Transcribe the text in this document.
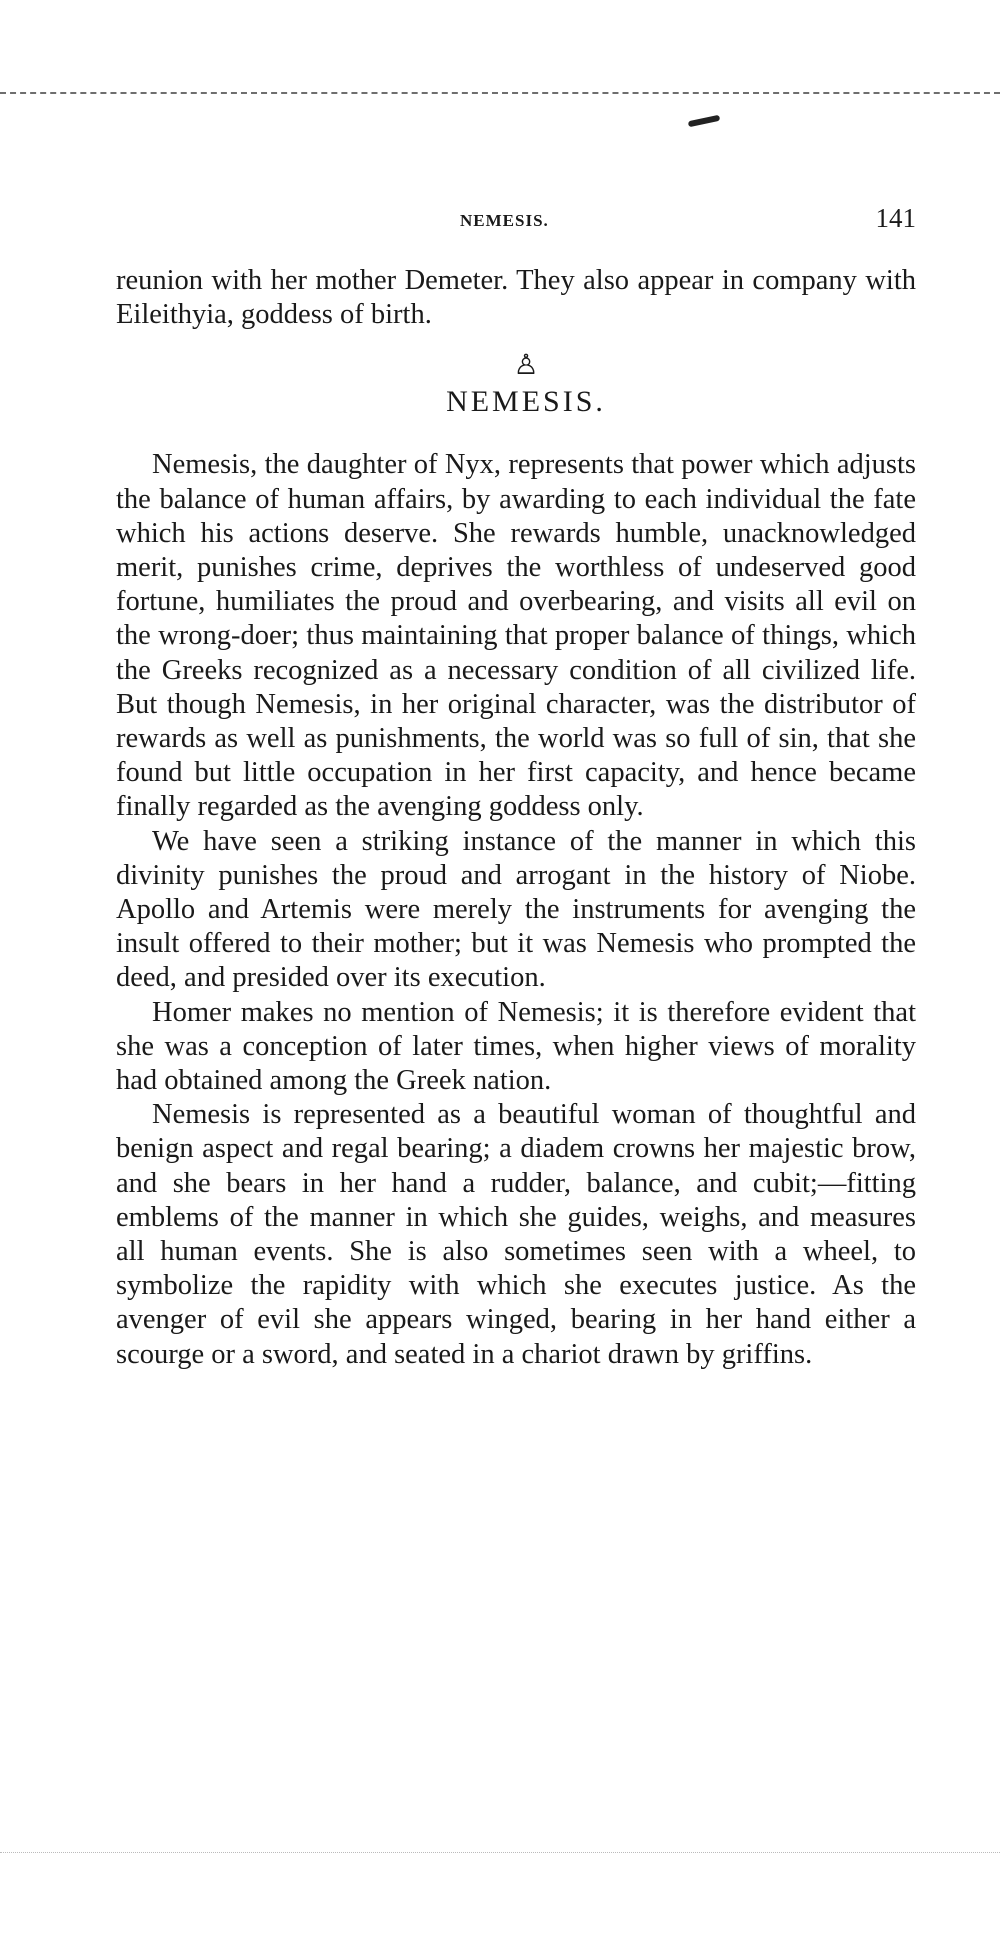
NEMESIS.	141

reunion with her mother Demeter. They also appear in company with Eileithyia, goddess of birth.

♙
NEMESIS.

Nemesis, the daughter of Nyx, represents that power which adjusts the balance of human affairs, by awarding to each individual the fate which his actions deserve. She rewards humble, unacknowledged merit, punishes crime, deprives the worthless of undeserved good fortune, humiliates the proud and overbearing, and visits all evil on the wrong-doer; thus maintaining that proper balance of things, which the Greeks recognized as a necessary condition of all civilized life. But though Nemesis, in her original character, was the distributor of rewards as well as punishments, the world was so full of sin, that she found but little occupation in her first capacity, and hence became finally regarded as the avenging goddess only.

We have seen a striking instance of the manner in which this divinity punishes the proud and arrogant in the history of Niobe. Apollo and Artemis were merely the instruments for avenging the insult offered to their mother; but it was Nemesis who prompted the deed, and presided over its execution.

Homer makes no mention of Nemesis; it is therefore evident that she was a conception of later times, when higher views of morality had obtained among the Greek nation.

Nemesis is represented as a beautiful woman of thoughtful and benign aspect and regal bearing; a diadem crowns her majestic brow, and she bears in her hand a rudder, balance, and cubit;—fitting emblems of the manner in which she guides, weighs, and measures all human events. She is also sometimes seen with a wheel, to symbolize the rapidity with which she executes justice. As the avenger of evil she appears winged, bearing in her hand either a scourge or a sword, and seated in a chariot drawn by griffins.
